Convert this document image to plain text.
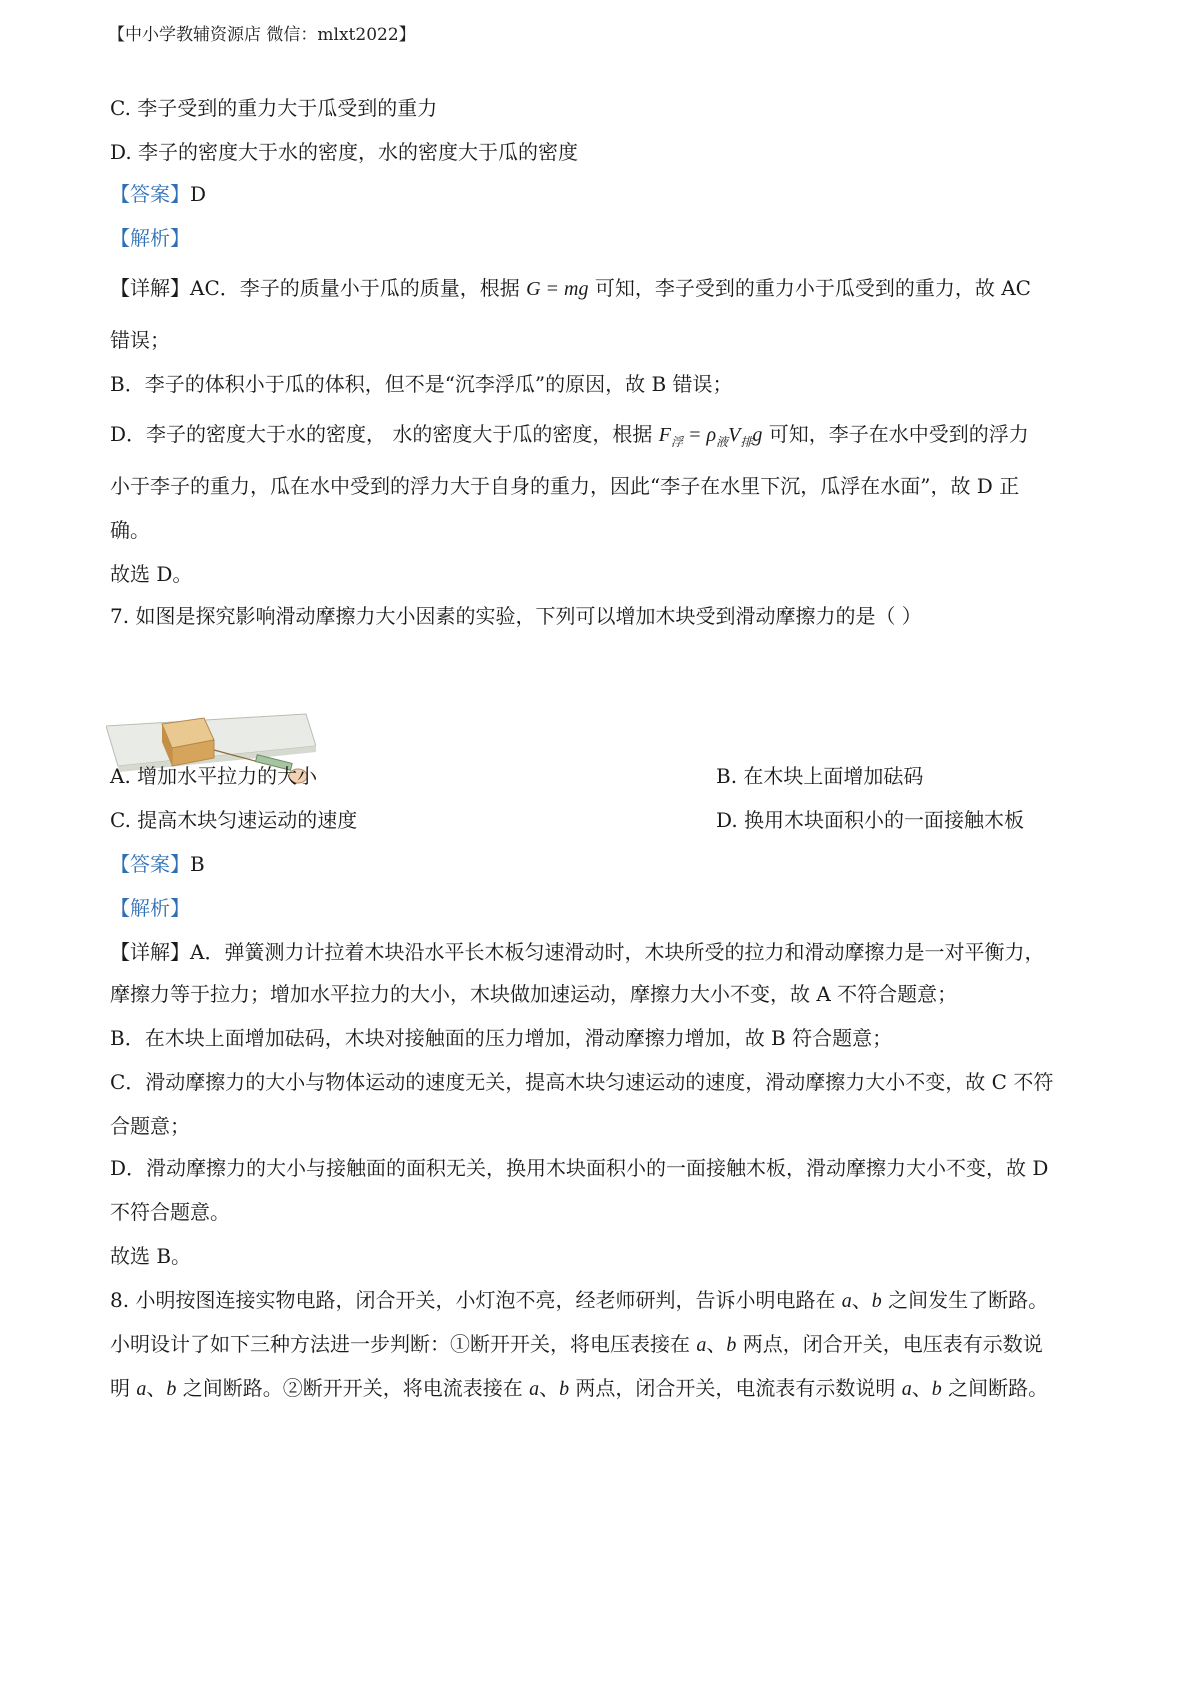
【中小学教辅资源店 微信：mlxt2022】
C. 李子受到的重力大于瓜受到的重力
D. 李子的密度大于水的密度，水的密度大于瓜的密度
【答案】D
【解析】
【详解】AC．李子的质量小于瓜的质量，根据 G = mg 可知，李子受到的重力小于瓜受到的重力，故 AC
错误；
B．李子的体积小于瓜的体积，但不是“沉李浮瓜”的原因，故 B 错误；
D．李子的密度大于水的密度， 水的密度大于瓜的密度，根据 $F_浮 = \rho_液V_排g$ 可知，李子在水中受到的浮力
小于李子的重力，瓜在水中受到的浮力大于自身的重力，因此“李子在水里下沉，瓜浮在水面”，故 D 正
确。
故选 D。
7. 如图是探究影响滑动摩擦力大小因素的实验，下列可以增加木块受到滑动摩擦力的是（ ）
A. 增加水平拉力的大小	B. 在木块上面增加砝码
C. 提高木块匀速运动的速度	D. 换用木块面积小的一面接触木板
【答案】B
【解析】
【详解】A．弹簧测力计拉着木块沿水平长木板匀速滑动时，木块所受的拉力和滑动摩擦力是一对平衡力，
摩擦力等于拉力；增加水平拉力的大小，木块做加速运动，摩擦力大小不变，故 A 不符合题意；
B．在木块上面增加砝码，木块对接触面的压力增加，滑动摩擦力增加，故 B 符合题意；
C．滑动摩擦力的大小与物体运动的速度无关，提高木块匀速运动的速度，滑动摩擦力大小不变，故 C 不符
合题意；
D．滑动摩擦力的大小与接触面的面积无关，换用木块面积小的一面接触木板，滑动摩擦力大小不变，故 D
不符合题意。
故选 B。
8. 小明按图连接实物电路，闭合开关，小灯泡不亮，经老师研判，告诉小明电路在 a、b 之间发生了断路。
小明设计了如下三种方法进一步判断：①断开开关，将电压表接在 a、b 两点，闭合开关，电压表有示数说
明 a、b 之间断路。②断开开关，将电流表接在 a、b 两点，闭合开关，电流表有示数说明 a、b 之间断路。
